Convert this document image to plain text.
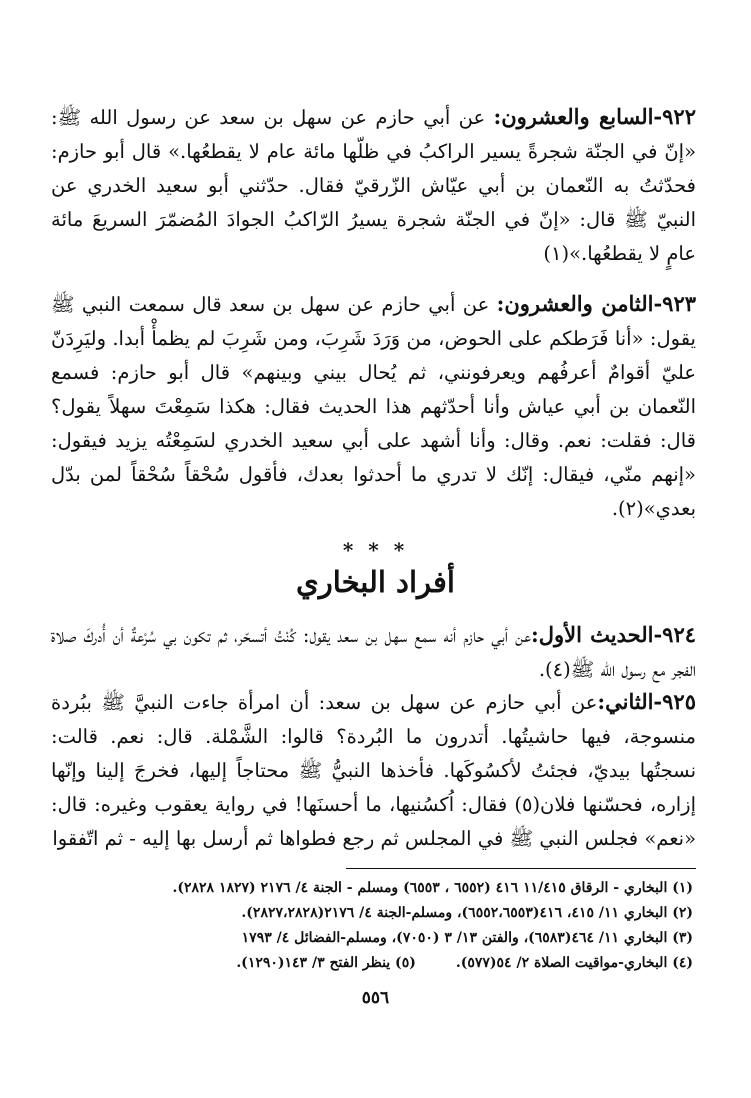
٩٢٢-السابع والعشرون: عن أبي حازم عن سهل بن سعد عن رسول الله ﷺ: «إنّ في الجنّة شجرةً يسير الراكبُ في ظلّها مائة عام لا يقطعُها.» قال أبو حازم: فحدّثتُ به النّعمان بن أبي عيّاش الزّرقيّ فقال. حدّثني أبو سعيد الخدري عن النبيّ ﷺ قال: «إنّ في الجنّة شجرة يسيرُ الرّاكبُ الجوادَ المُضمّرَ السريعَ مائة عامٍ لا يقطعُها.»(١)

٩٢٣-الثامن والعشرون: عن أبي حازم عن سهل بن سعد قال سمعت النبي ﷺ يقول: «أنا فَرَطكم على الحوض، من وَرَدَ شَرِبَ، ومن شَرِبَ لم يظمأْ أبدا. وليَرِدَنّ عليّ أقوامٌ أعرفُهم ويعرفونني، ثم يُحال بيني وبينهم» قال أبو حازم: فسمع النّعمان بن أبي عياش وأنا أحدّثهم هذا الحديث فقال: هكذا سَمِعْتَ سهلاً يقول؟ قال: فقلت: نعم. وقال: وأنا أشهد على أبي سعيد الخدري لسَمِعْتُه يزيد فيقول: «إنهم منّي، فيقال: إنّك لا تدري ما أحدثوا بعدك، فأقول سُحْقاً سُحْقاً لمن بدّل بعدي»(٢).

* * *
أفراد البخاري

٩٢٤-الحديث الأول:عن أبي حازم أنه سمع سهل بن سعد يقول: كُنْتُ أتسحّر، ثم تكون بي سُرْعةٌ أن أُدركَ صلاة الفجر مع رسول الله ﷺ(٤).

٩٢٥-الثاني:عن أبي حازم عن سهل بن سعد: أن امرأة جاءت النبيَّ ﷺ ببُردة منسوجة، فيها حاشيتُها. أتدرون ما البُردة؟ قالوا: الشَّمْلة. قال: نعم. قالت: نسجتُها بيديّ، فجئتُ لأكسُوكَها. فأخذها النبيُّ ﷺ محتاجاً إليها، فخرجَ إلينا وإنّها إزاره، فحسّنها فلان(٥) فقال: اُكسُنيها، ما أحسنَها! في رواية يعقوب وغيره: قال: «نعم» فجلس النبي ﷺ في المجلس ثم رجع فطواها ثم أرسل بها إليه - ثم اتّفقوا

(١) البخاري - الرقاق ١١/٤١٥ ٤١٦ (٦٥٥٢ ، ٦٥٥٣) ومسلم - الجنة ٤/ ٢١٧٦ (١٨٢٧ ٢٨٢٨).

(٢) البخاري ١١/ ٤١٥، ٤١٦(٦٥٥٢،٦٥٥٣)، ومسلم-الجنة ٤/ ٢١٧٦(٢٨٢٧،٢٨٢٨).

(٣) البخاري ١١/ ٤٦٤(٦٥٨٣)، والفتن ١٣/ ٣ (٧٠٥٠)، ومسلم-الفضائل ٤/ ١٧٩٣

(٤) البخاري-مواقيت الصلاة ٢/ ٥٤(٥٧٧).
(٥) ينظر الفتح ٣/ ١٤٣(١٢٩٠).
٥٥٦
